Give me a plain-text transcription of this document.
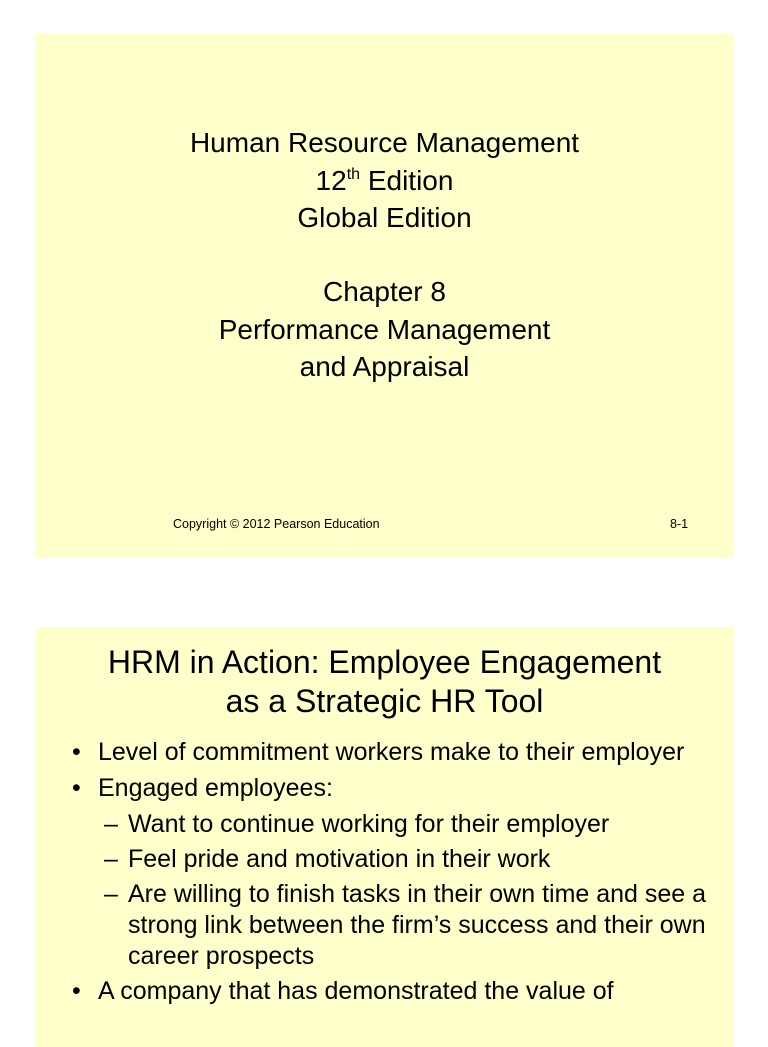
Human Resource Management
12th Edition
Global Edition
Chapter 8
Performance Management
and Appraisal
Copyright © 2012 Pearson Education	8-1
HRM in Action: Employee Engagement
as a Strategic HR Tool
• Level of commitment workers make to their employer
• Engaged employees:
– Want to continue working for their employer
– Feel pride and motivation in their work
– Are willing to finish tasks in their own time and see a strong link between the firm’s success and their own career prospects
• A company that has demonstrated the value of
